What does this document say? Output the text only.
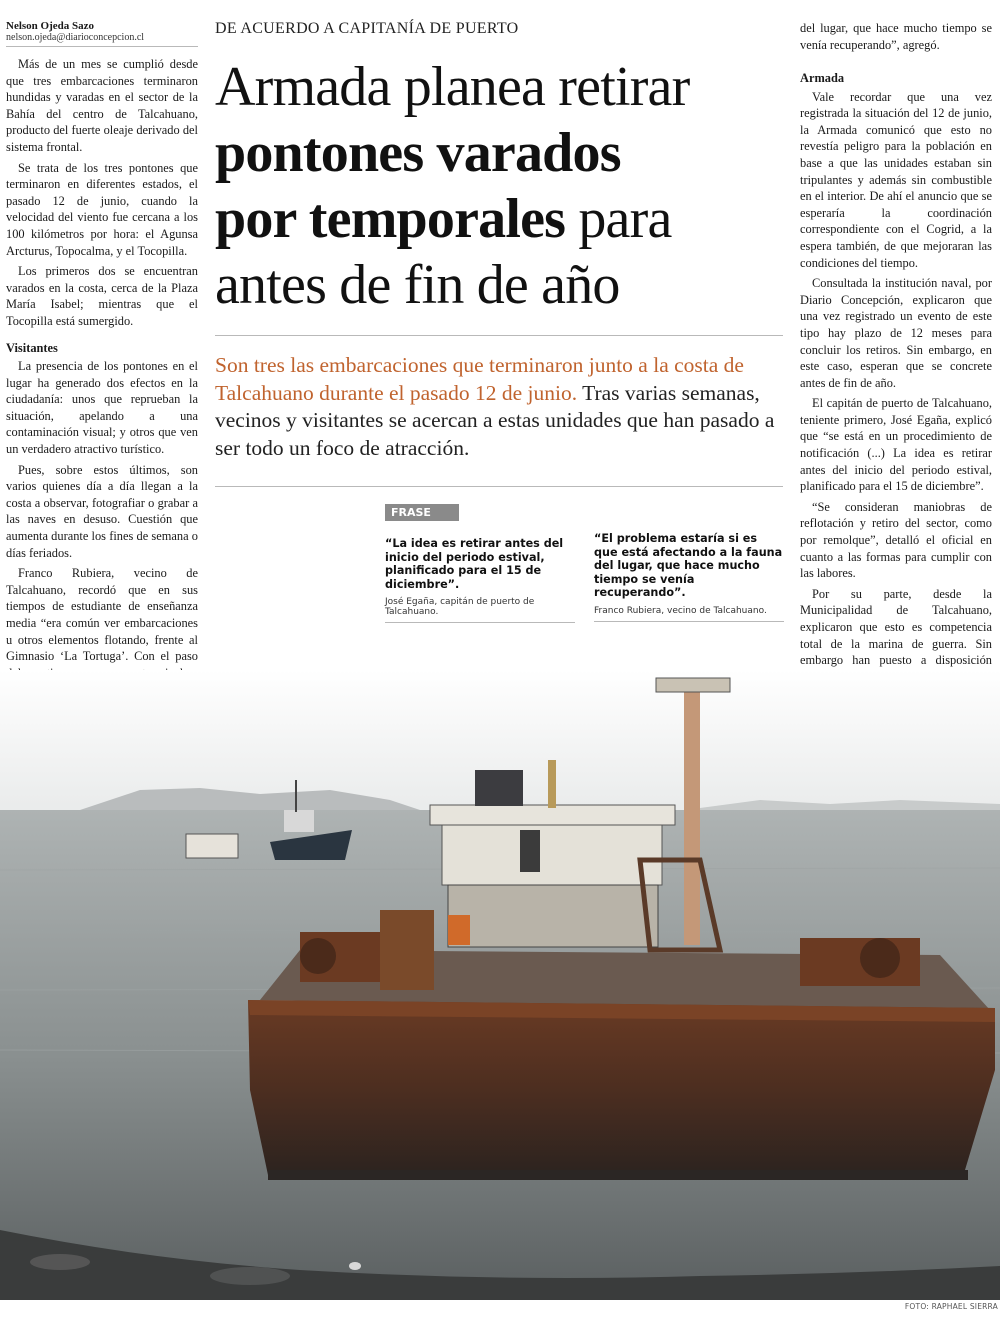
DE ACUERDO A CAPITANÍA DE PUERTO
Armada planea retirar
pontones varados
por temporales para
antes de fin de año
Son tres las embarcaciones que terminaron junto a la costa de Talcahuano durante el pasado 12 de junio. Tras varias semanas, vecinos y visitantes se acercan a estas unidades que han pasado a ser todo un foco de atracción.
FRASE
“La idea es retirar antes del inicio del periodo estival, planificado para el 15 de diciembre”.
José Egaña, capitán de puerto de Talcahuano.
“El problema estaría si es que está afectando a la fauna del lugar, que hace mucho tiempo se venía recuperando”.
Franco Rubiera, vecino de Talcahuano.
Nelson Ojeda Sazo
nelson.ojeda@diarioconcepcion.cl

Más de un mes se cumplió desde que tres embarcaciones terminaron hundidas y varadas en el sector de la Bahía del centro de Talcahuano, producto del fuerte oleaje derivado del sistema frontal.

Se trata de los tres pontones que terminaron en diferentes estados, el pasado 12 de junio, cuando la velocidad del viento fue cercana a los 100 kilómetros por hora: el Agunsa Arcturus, Topocalma, y el Tocopilla.

Los primeros dos se encuentran varados en la costa, cerca de la Plaza María Isabel; mientras que el Tocopilla está sumergido.

Visitantes

La presencia de los pontones en el lugar ha generado dos efectos en la ciudadanía: unos que reprueban la situación, apelando a una contaminación visual; y otros que ven un verdadero atractivo turístico.

Pues, sobre estos últimos, son varios quienes día a día llegan a la costa a observar, fotografiar o grabar a las naves en desuso. Cuestión que aumenta durante los fines de semana o días feriados.

Franco Rubiera, vecino de Talcahuano, recordó que en sus tiempos de estudiante de enseñanza media “era común ver embarcaciones u otros elementos flotando, frente al Gimnasio ‘La Tortuga’. Con el paso

del lugar, que hace mucho tiempo se venía recuperando”, agregó.

Armada

Vale recordar que una vez registrada la situación del 12 de junio, la Armada comunicó que esto no revestía peligro para la población en base a que las unidades estaban sin tripulantes y además sin combustible en el interior. De ahí el anuncio que se esperaría la coordinación correspondiente con el Cogrid, a la espera también, de que mejoraran las condiciones del tiempo.

Consultada la institución naval, por Diario Concepción, explicaron que una vez registrado un evento de este tipo hay plazo de 12 meses para concluir los retiros. Sin embargo, en este caso, esperan que se concrete antes de fin de año.

El capitán de puerto de Talcahuano, teniente primero, José Egaña, explicó que “se está en un procedimiento de notificación (...) La idea es retirar antes del inicio del periodo estival, planificado para el 15 de diciembre”.

“Se consideran maniobras de reflotación y retiro del sector, como por remolque”, detalló el oficial en cuanto a las formas para cumplir con las labores.

Por su parte, desde la Municipalidad de Talcahuano, explicaron que esto es competencia total de la marina de guerra. Sin embargo han puesto a disposición

FOTO: RAPHAEL SIERRA
